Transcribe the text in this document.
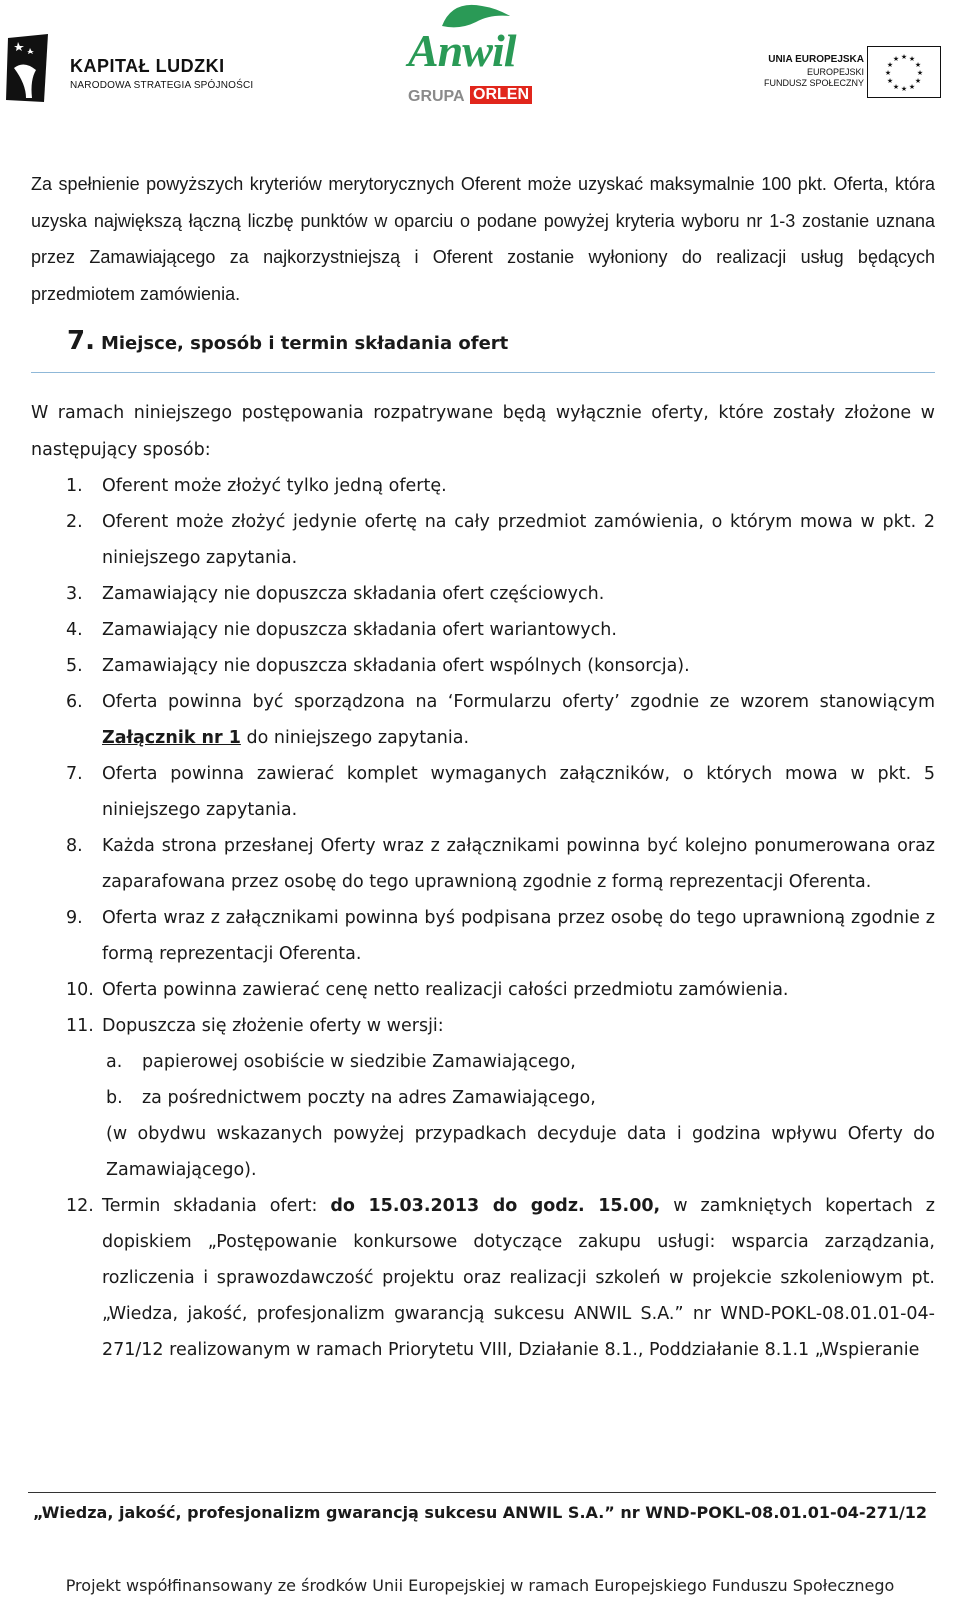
KAPITAŁ LUDZKI
NARODOWA STRATEGIA SPÓJNOŚCI
Anwil
GRUPA ORLEN
UNIA EUROPEJSKA
EUROPEJSKI
FUNDUSZ SPOŁECZNY
★ ★
★
★
★
★
★
★
★
★
★
★

Za spełnienie powyższych kryteriów merytorycznych Oferent może uzyskać maksymalnie 100 pkt. Oferta, która uzyska największą łączną liczbę punktów w oparciu o podane powyżej kryteria wyboru nr 1-3 zostanie uznana przez Zamawiającego za najkorzystniejszą i Oferent zostanie wyłoniony do realizacji usług będących przedmiotem zamówienia.

7. Miejsce, sposób i termin składania ofert

W ramach niniejszego postępowania rozpatrywane będą wyłącznie oferty, które zostały złożone w następujący sposób:

1.	Oferent może złożyć tylko jedną ofertę.
2.	Oferent może złożyć jedynie ofertę na cały przedmiot zamówienia, o którym mowa w pkt. 2 niniejszego zapytania.
3.	Zamawiający nie dopuszcza składania ofert częściowych.
4.	Zamawiający nie dopuszcza składania ofert wariantowych.
5.	Zamawiający nie dopuszcza składania ofert wspólnych (konsorcja).
6.	Oferta powinna być sporządzona na ‘Formularzu oferty’ zgodnie ze wzorem stanowiącym Załącznik nr 1 do niniejszego zapytania.
7.	Oferta powinna zawierać komplet wymaganych załączników, o których mowa w pkt. 5 niniejszego zapytania.
8.	Każda strona przesłanej Oferty wraz z załącznikami powinna być kolejno ponumerowana oraz zaparafowana przez osobę do tego uprawnioną zgodnie z formą reprezentacji Oferenta.
9.	Oferta wraz z załącznikami powinna byś podpisana przez osobę do tego uprawnioną zgodnie z formą reprezentacji Oferenta.
10. Oferta powinna zawierać cenę netto realizacji całości przedmiotu zamówienia.
11. Dopuszcza się złożenie oferty w wersji:
a.	papierowej osobiście w siedzibie Zamawiającego,
b.	za pośrednictwem poczty na adres Zamawiającego,
(w obydwu wskazanych powyżej przypadkach decyduje data i godzina wpływu Oferty do Zamawiającego).
12. Termin składania ofert: do 15.03.2013 do godz. 15.00, w zamkniętych kopertach z dopiskiem „Postępowanie konkursowe dotyczące zakupu usługi: wsparcia zarządzania, rozliczenia i sprawozdawczość projektu oraz realizacji szkoleń w projekcie szkoleniowym pt. „Wiedza, jakość, profesjonalizm gwarancją sukcesu ANWIL S.A.” nr WND-POKL-08.01.01-04-271/12 realizowanym w ramach Priorytetu VIII, Działanie 8.1., Poddziałanie 8.1.1 „Wspieranie
„Wiedza, jakość, profesjonalizm gwarancją sukcesu ANWIL S.A.” nr WND-POKL-08.01.01-04-271/12
Projekt współfinansowany ze środków Unii Europejskiej w ramach Europejskiego Funduszu Społecznego
